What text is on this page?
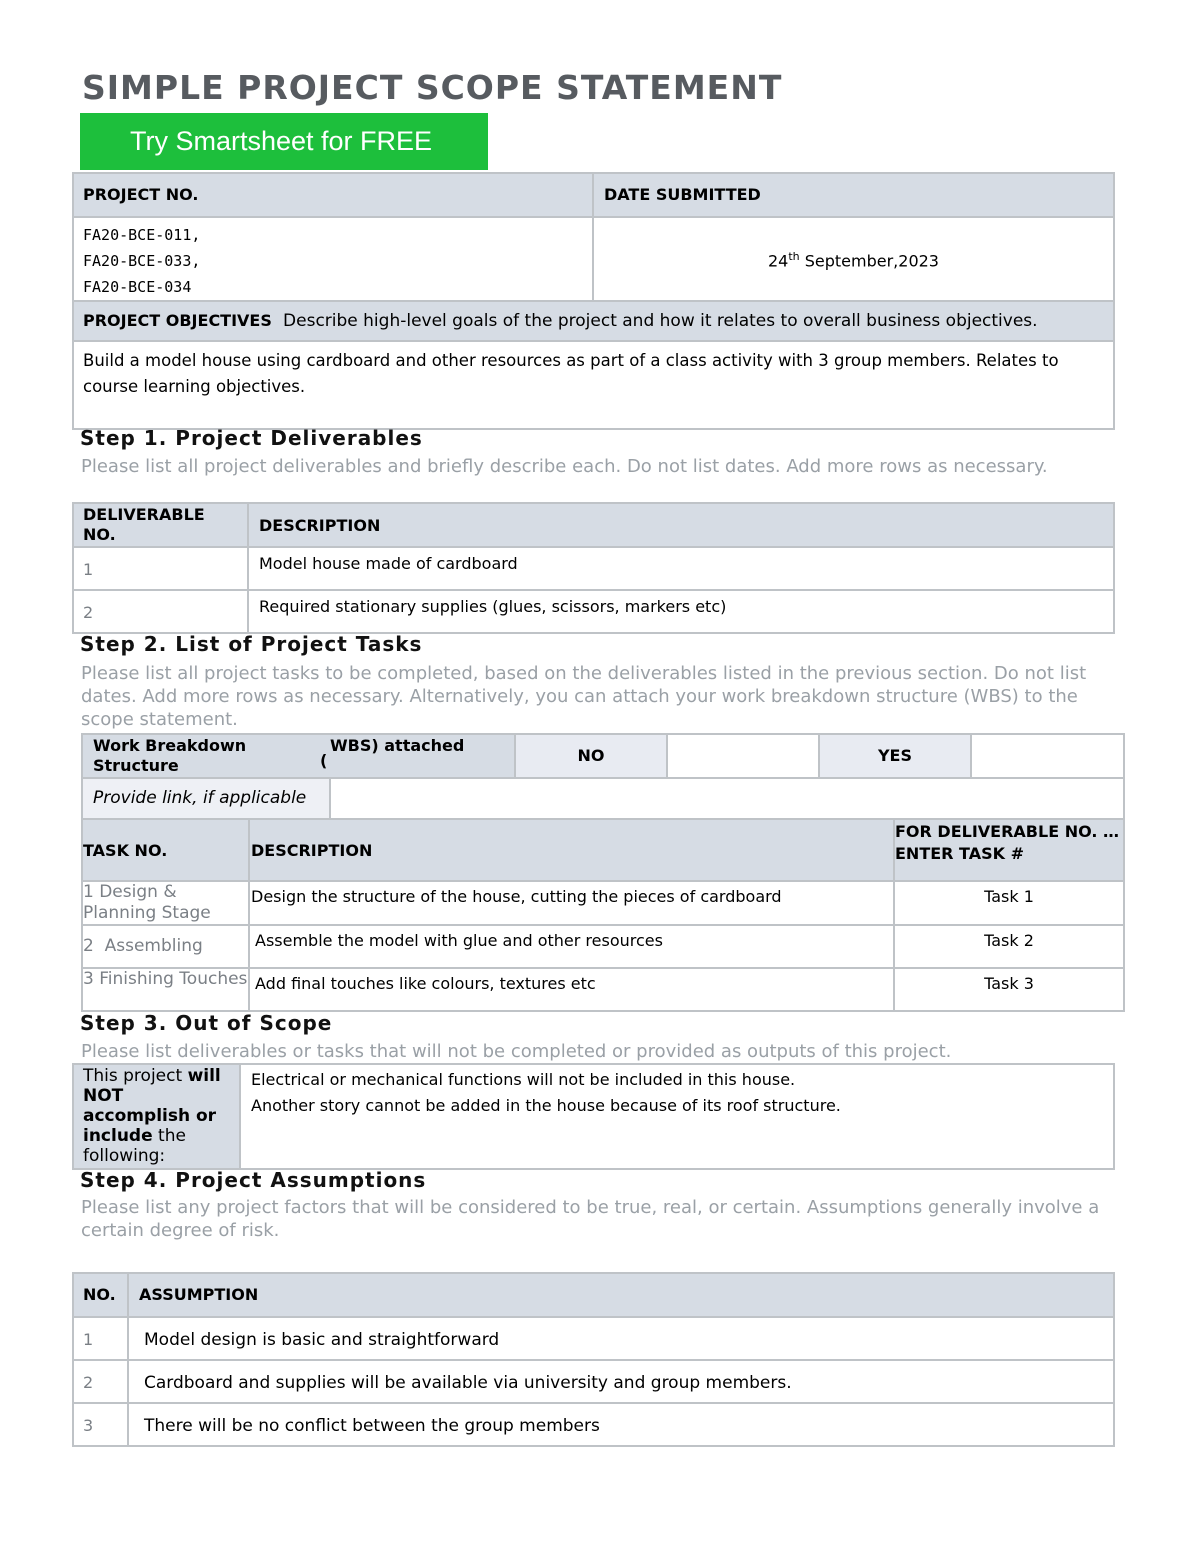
SIMPLE PROJECT SCOPE STATEMENT
Try Smartsheet for FREE
PROJECT NO.	DATE SUBMITTED

FA20-BCE-011,
FA20-BCE-033,
FA20-BCE-034	24th September,2023
PROJECT OBJECTIVES Describe high-level goals of the project and how it relates to overall business objectives.	
Build a model house using cardboard and other resources as part of a class activity with 3 group members. Relates to course learning objectives.	
Step 1. Project Deliverables
Please list all project deliverables and briefly describe each. Do not list dates. Add more rows as necessary.
DELIVERABLE NO.	DESCRIPTION
1	Model house made of cardboard
2	Required stationary supplies (glues, scissors, markers etc)
Step 2. List of Project Tasks
Please list all project tasks to be completed, based on the deliverables listed in the previous section. Do not list dates. Add more rows as necessary. Alternatively, you can attach your work breakdown structure (WBS) to the scope statement.
Work Breakdown Structure (
WBS) attached		NO		YES	
Provide link, if applicable					
TASK NO.	DESCRIPTION	FOR DELIVERABLE NO. … ENTER TASK #
1 Design & Planning Stage	Design the structure of the house, cutting the pieces of cardboard	Task 1
2  Assembling	Assemble the model with glue and other resources	Task 2
3 Finishing Touches	Add final touches like colours, textures etc	Task 3
Step 3. Out of Scope
Please list deliverables or tasks that will not be completed or provided as outputs of this project.
This project will NOT accomplish or include the following:	
Electrical or mechanical functions will not be included in this house.
Another story cannot be added in the house because of its roof structure.
Step 4. Project Assumptions
Please list any project factors that will be considered to be true, real, or certain. Assumptions generally involve a certain degree of risk.
NO.	ASSUMPTION
1	Model design is basic and straightforward
2	Cardboard and supplies will be available via university and group members.
3	There will be no conflict between the group members
